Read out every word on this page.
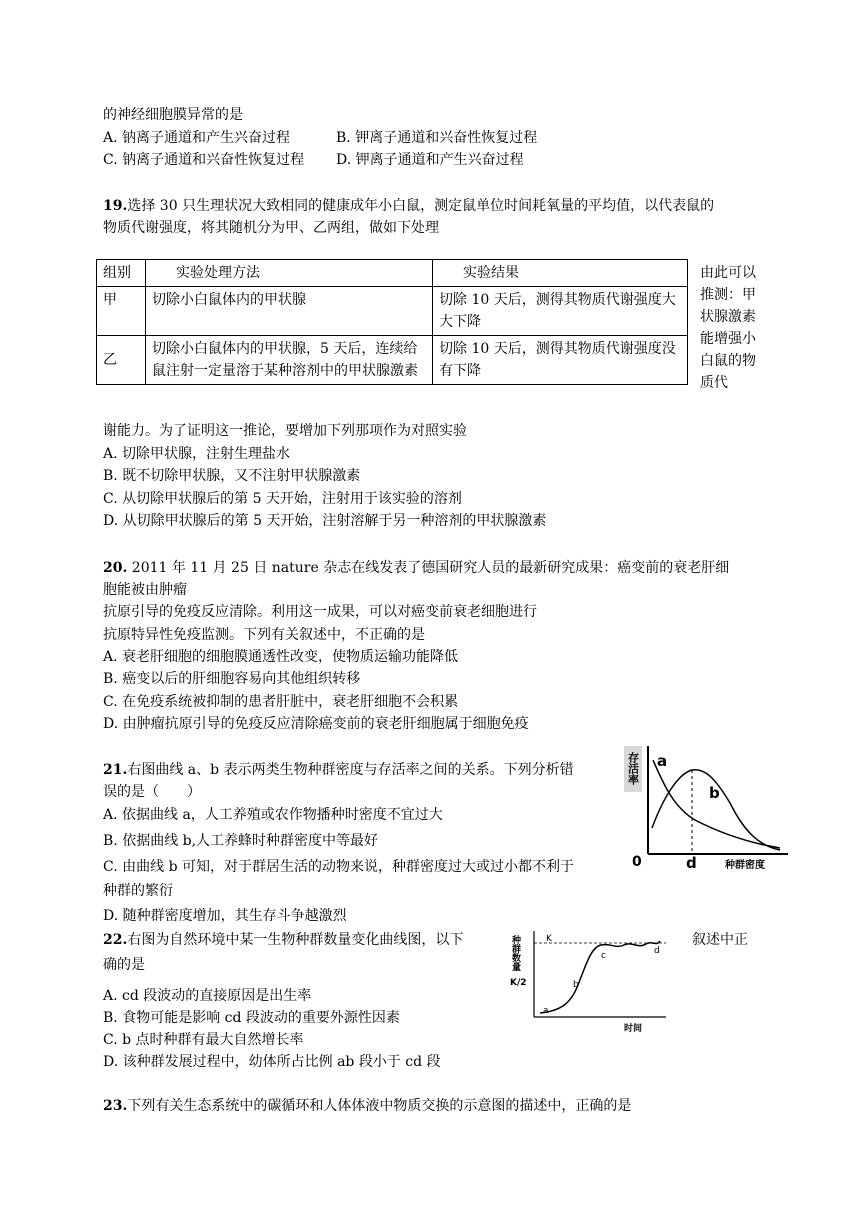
的神经细胞膜异常的是
A. 钠离子通道和产生兴奋过程	B. 钾离子通道和兴奋性恢复过程
C. 钠离子通道和兴奋性恢复过程 D. 钾离子通道和产生兴奋过程
19.选择 30 只生理状况大致相同的健康成年小白鼠，测定鼠单位时间耗氧量的平均值，以代表鼠的
物质代谢强度，将其随机分为甲、乙两组，做如下处理
组别	实验处理方法	实验结果
甲	切除小白鼠体内的甲状腺	切除 10 天后，测得其物质代谢强度大大下降
乙	切除小白鼠体内的甲状腺，5 天后，连续给鼠注射一定量溶于某种溶剂中的甲状腺激素	切除 10 天后，测得其物质代谢强度没有下降
由此可以推测：甲状腺激素能增强小白鼠的物质代
谢能力。为了证明这一推论，要增加下列那项作为对照实验
A. 切除甲状腺，注射生理盐水
B. 既不切除甲状腺，又不注射甲状腺激素
C. 从切除甲状腺后的第 5 天开始，注射用于该实验的溶剂
D. 从切除甲状腺后的第 5 天开始，注射溶解于另一种溶剂的甲状腺激素
20. 2011 年 11 月 25 日 nature 杂志在线发表了德国研究人员的最新研究成果：癌变前的衰老肝细
胞能被由肿瘤
抗原引导的免疫反应清除。利用这一成果，可以对癌变前衰老细胞进行
抗原特异性免疫监测。下列有关叙述中，不正确的是
A. 衰老肝细胞的细胞膜通透性改变，使物质运输功能降低
B. 癌变以后的肝细胞容易向其他组织转移
C. 在免疫系统被抑制的患者肝脏中，衰老肝细胞不会积累
D. 由肿瘤抗原引导的免疫反应清除癌变前的衰老肝细胞属于细胞免疫
21.右图曲线 a、b 表示两类生物种群密度与存活率之间的关系。下列分析错
误的是（　　）
A. 依据曲线 a，人工养殖或农作物播种时密度不宜过大
B. 依据曲线 b,人工养蜂时种群密度中等最好
C. 由曲线 b 可知，对于群居生活的动物来说，种群密度过大或过小都不利于
种群的繁衍
D. 随种群密度增加，其生存斗争越激烈
存活率 a
b
0	d	种群密度
22.右图为自然环境中某一生物种群数量变化曲线图，以下	叙述中正
确的是
A. cd 段波动的直接原因是出生率
B. 食物可能是影响 cd 段波动的重要外源性因素
C. b 点时种群有最大自然增长率
D. 该种群发展过程中，幼体所占比例 ab 段小于 cd 段
种群数量	K
K/2
a
b
c	d
时间
23.下列有关生态系统中的碳循环和人体体液中物质交换的示意图的描述中，正确的是
